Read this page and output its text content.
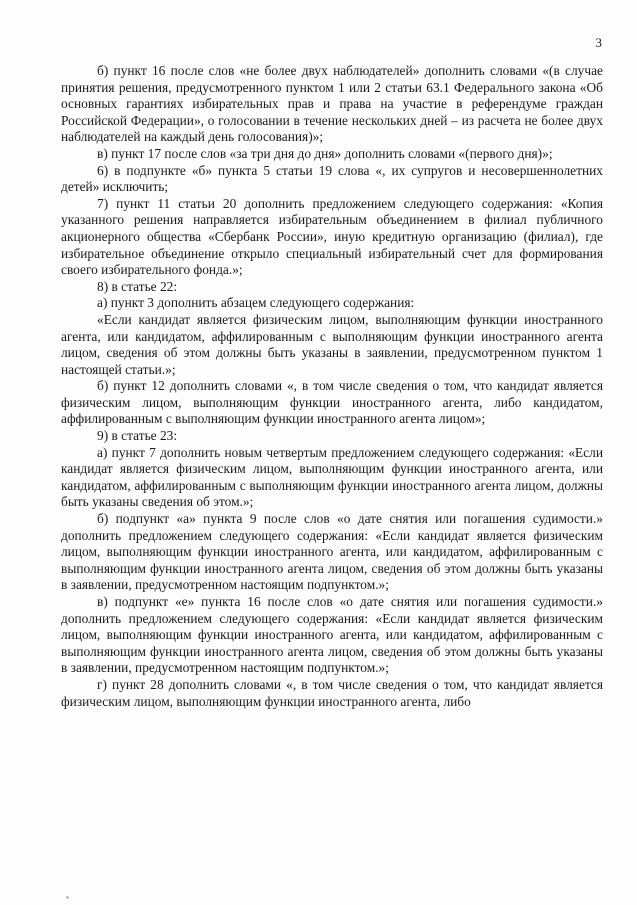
3

б) пункт 16 после слов «не более двух наблюдателей» дополнить словами «(в случае принятия решения, предусмотренного пунктом 1 или 2 статьи 63.1 Федерального закона «Об основных гарантиях избирательных прав и права на участие в референдуме граждан Российской Федерации», о голосовании в течение нескольких дней – из расчета не более двух наблюдателей на каждый день голосования)»;

в) пункт 17 после слов «за три дня до дня» дополнить словами «(первого дня)»;

6) в подпункте «б» пункта 5 статьи 19 слова «, их супругов и несовершеннолетних детей» исключить;

7) пункт 11 статьи 20 дополнить предложением следующего содержания: «Копия указанного решения направляется избирательным объединением в филиал публичного акционерного общества «Сбербанк России», иную кредитную организацию (филиал), где избирательное объединение открыло специальный избирательный счет для формирования своего избирательного фонда.»;

8) в статье 22:

а) пункт 3 дополнить абзацем следующего содержания:

«Если кандидат является физическим лицом, выполняющим функции иностранного агента, или кандидатом, аффилированным с выполняющим функции иностранного агента лицом, сведения об этом должны быть указаны в заявлении, предусмотренном пунктом 1 настоящей статьи.»;

б) пункт 12 дополнить словами «, в том числе сведения о том, что кандидат является физическим лицом, выполняющим функции иностранного агента, либо кандидатом, аффилированным с выполняющим функции иностранного агента лицом»;

9) в статье 23:

а) пункт 7 дополнить новым четвертым предложением следующего содержания: «Если кандидат является физическим лицом, выполняющим функции иностранного агента, или кандидатом, аффилированным с выполняющим функции иностранного агента лицом, должны быть указаны сведения об этом.»;

б) подпункт «а» пункта 9 после слов «о дате снятия или погашения судимости.» дополнить предложением следующего содержания: «Если кандидат является физическим лицом, выполняющим функции иностранного агента, или кандидатом, аффилированным с выполняющим функции иностранного агента лицом, сведения об этом должны быть указаны в заявлении, предусмотренном настоящим подпунктом.»;

в) подпункт «е» пункта 16 после слов «о дате снятия или погашения судимости.» дополнить предложением следующего содержания: «Если кандидат является физическим лицом, выполняющим функции иностранного агента, или кандидатом, аффилированным с выполняющим функции иностранного агента лицом, сведения об этом должны быть указаны в заявлении, предусмотренном настоящим подпунктом.»;

г) пункт 28 дополнить словами «, в том числе сведения о том, что кандидат является физическим лицом, выполняющим функции иностранного агента, либо
